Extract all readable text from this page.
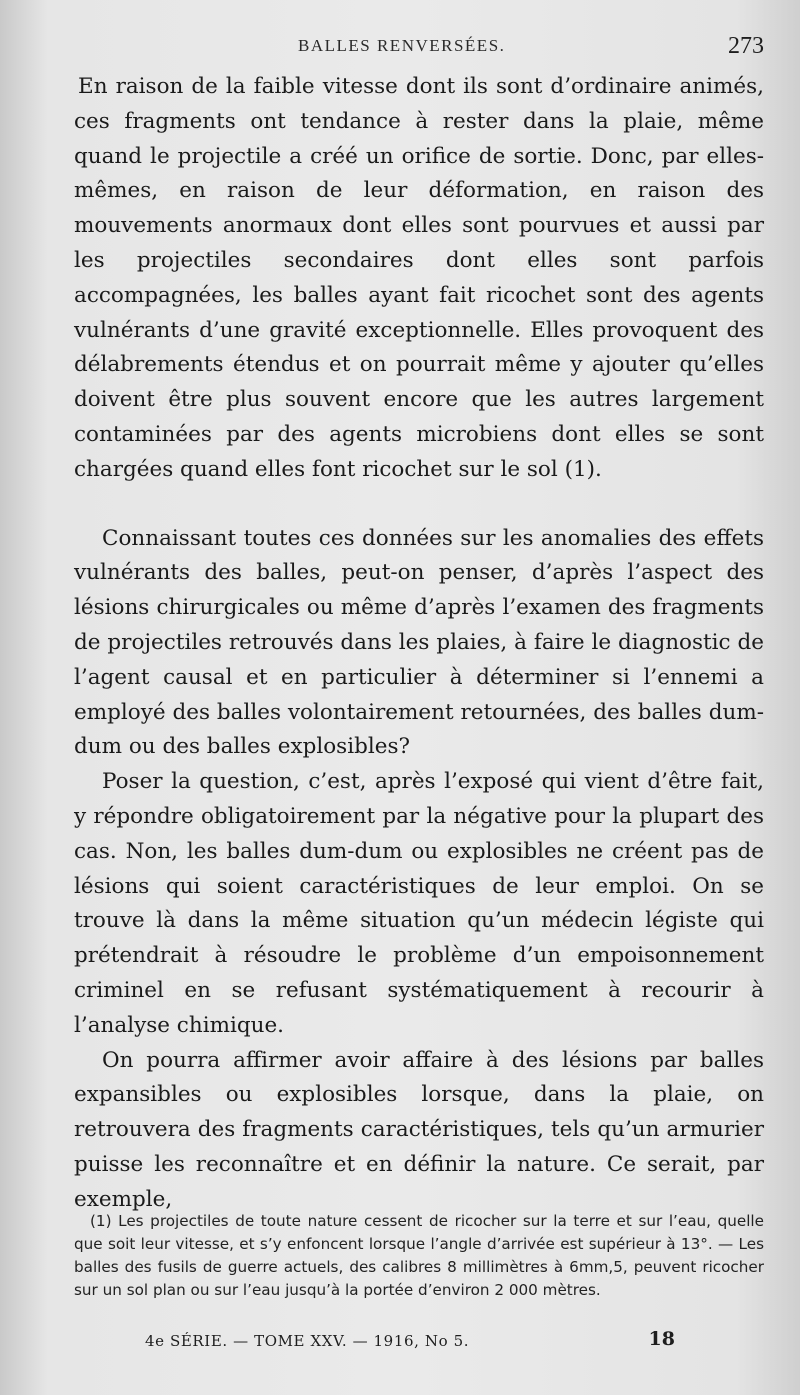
BALLES RENVERSÉES.	273

En raison de la faible vitesse dont ils sont d’ordinaire animés, ces fragments ont tendance à rester dans la plaie, même quand le projectile a créé un orifice de sortie. Donc, par elles-mêmes, en raison de leur déformation, en raison des mouvements anormaux dont elles sont pourvues et aussi par les projectiles secondaires dont elles sont parfois accompagnées, les balles ayant fait ricochet sont des agents vulnérants d’une gravité exceptionnelle. Elles provoquent des délabrements étendus et on pourrait même y ajouter qu’elles doivent être plus souvent encore que les autres largement contaminées par des agents microbiens dont elles se sont chargées quand elles font ricochet sur le sol (1).

Connaissant toutes ces données sur les anomalies des effets vulnérants des balles, peut-on penser, d’après l’aspect des lésions chirurgicales ou même d’après l’examen des fragments de projectiles retrouvés dans les plaies, à faire le diagnostic de l’agent causal et en particulier à déterminer si l’ennemi a employé des balles volontairement retournées, des balles dum-dum ou des balles explosibles?

Poser la question, c’est, après l’exposé qui vient d’être fait, y répondre obligatoirement par la négative pour la plupart des cas. Non, les balles dum-dum ou explosibles ne créent pas de lésions qui soient caractéristiques de leur emploi. On se trouve là dans la même situation qu’un médecin légiste qui prétendrait à résoudre le problème d’un empoisonnement criminel en se refusant systématiquement à recourir à l’analyse chimique.

On pourra affirmer avoir affaire à des lésions par balles expansibles ou explosibles lorsque, dans la plaie, on retrouvera des fragments caractéristiques, tels qu’un armurier puisse les reconnaître et en définir la nature. Ce serait, par exemple,

(1) Les projectiles de toute nature cessent de ricocher sur la terre et sur l’eau, quelle que soit leur vitesse, et s’y enfoncent lorsque l’angle d’arrivée est supérieur à 13°. — Les balles des fusils de guerre actuels, des calibres 8 millimètres à 6mm,5, peuvent ricocher sur un sol plan ou sur l’eau jusqu’à la portée d’environ 2 000 mètres.

4e SÉRIE. — TOME XXV. — 1916, No 5.	18
